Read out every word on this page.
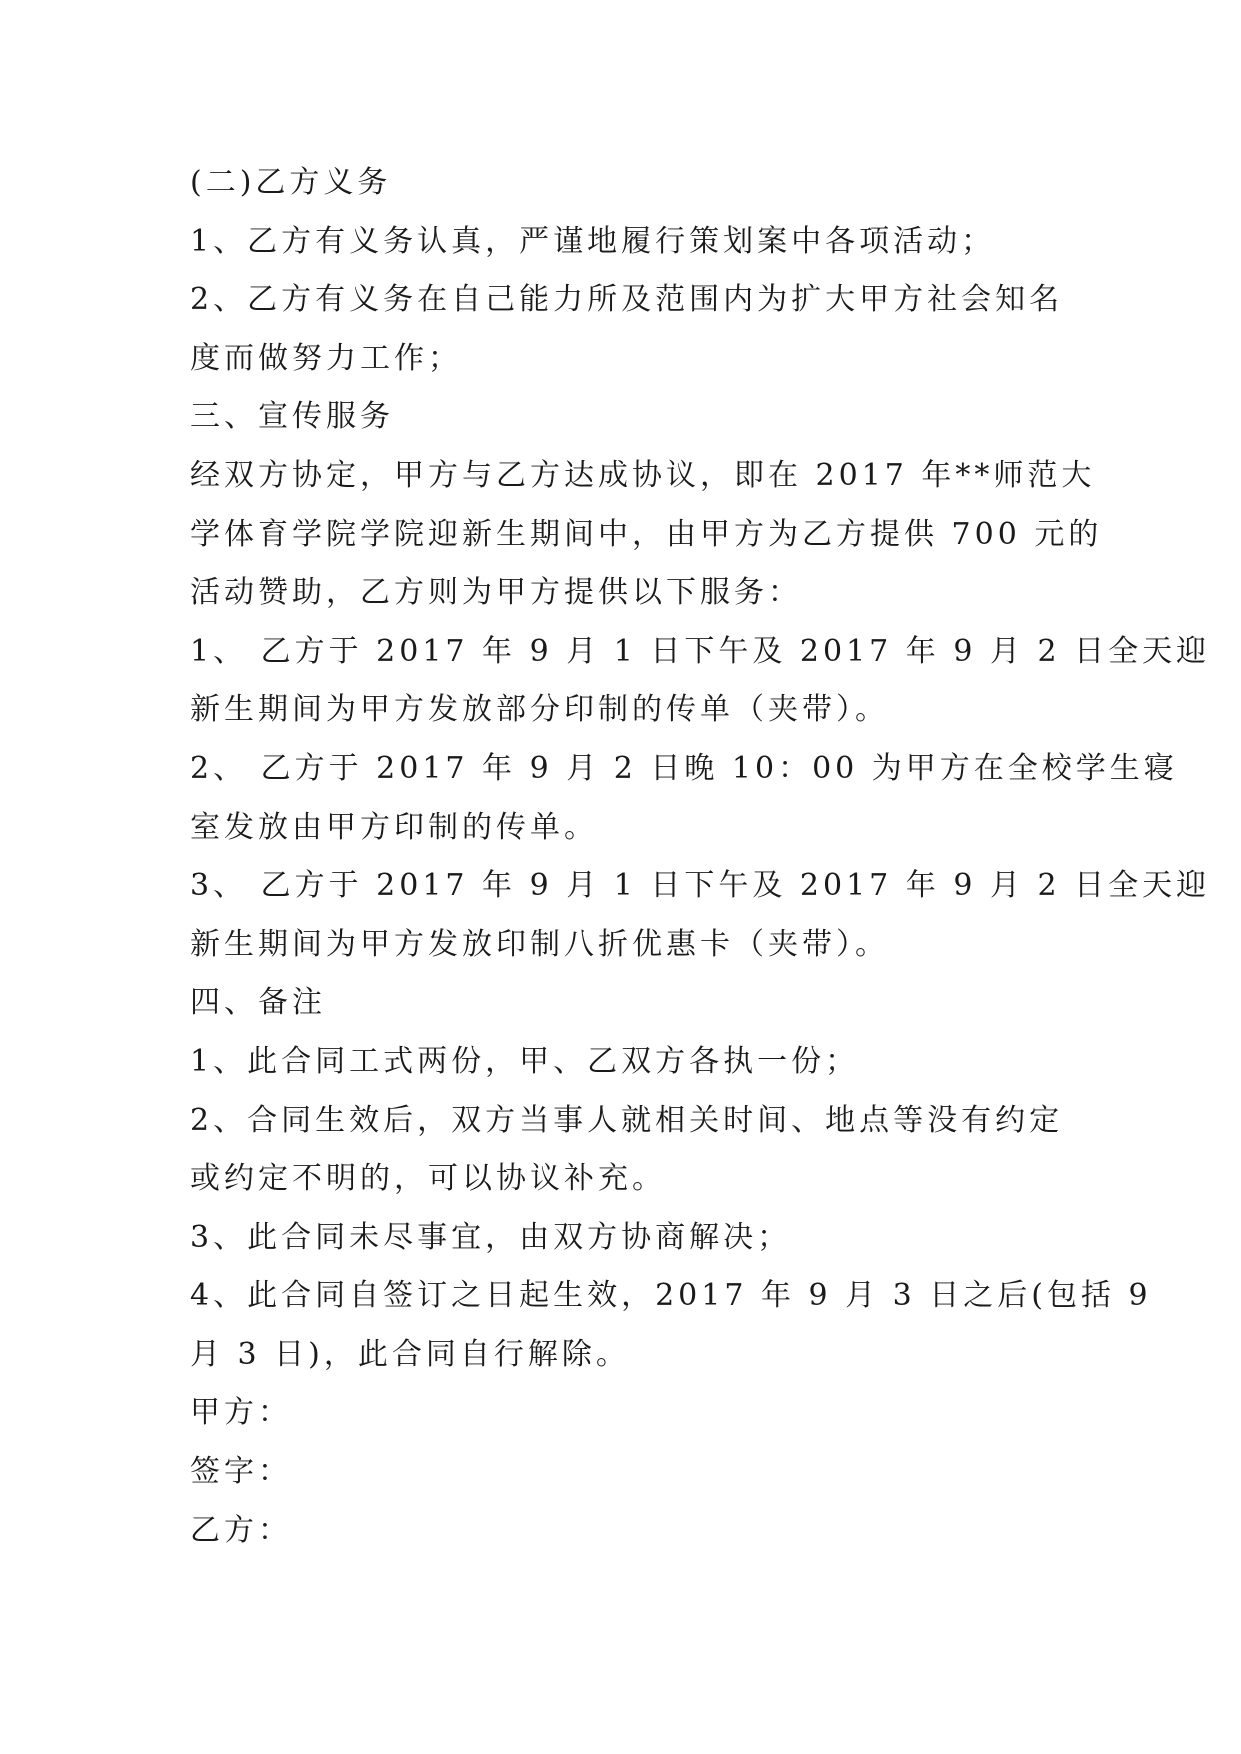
(二)乙方义务
1、乙方有义务认真，严谨地履行策划案中各项活动；
2、乙方有义务在自己能力所及范围内为扩大甲方社会知名
度而做努力工作；
三、宣传服务
经双方协定，甲方与乙方达成协议，即在 2017 年**师范大
学体育学院学院迎新生期间中，由甲方为乙方提供 700 元的
活动赞助，乙方则为甲方提供以下服务：
1、 乙方于 2017 年 9 月 1 日下午及 2017 年 9 月 2 日全天迎
新生期间为甲方发放部分印制的传单（夹带）。
2、 乙方于 2017 年 9 月 2 日晚 10：00 为甲方在全校学生寝
室发放由甲方印制的传单。
3、 乙方于 2017 年 9 月 1 日下午及 2017 年 9 月 2 日全天迎
新生期间为甲方发放印制八折优惠卡（夹带）。
四、备注
1、此合同工式两份，甲、乙双方各执一份；
2、合同生效后，双方当事人就相关时间、地点等没有约定
或约定不明的，可以协议补充。
3、此合同未尽事宜，由双方协商解决；
4、此合同自签订之日起生效，2017 年 9 月 3 日之后(包括 9
月 3 日)，此合同自行解除。
甲方：
签字：
乙方：
